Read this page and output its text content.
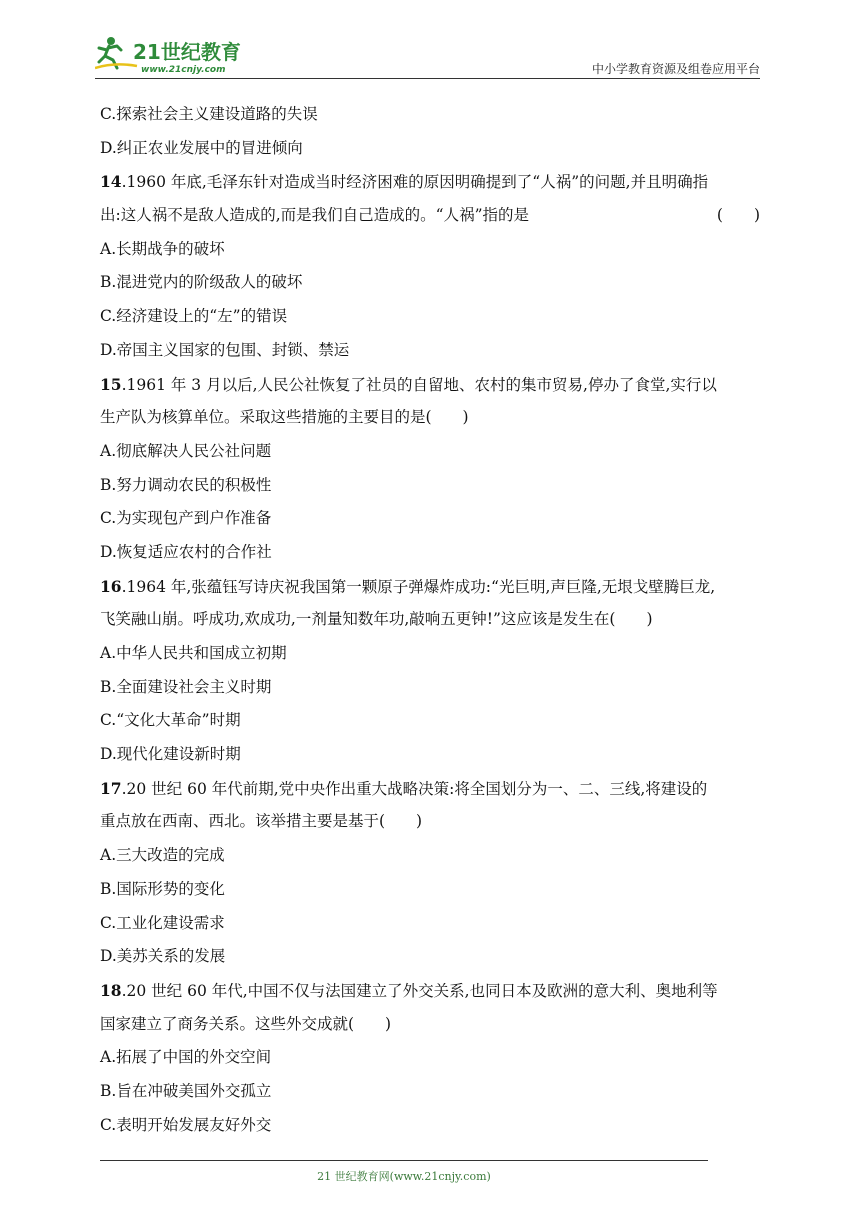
21世纪教育
www.21cnjy.com	中小学教育资源及组卷应用平台
C.探索社会主义建设道路的失误
D.纠正农业发展中的冒进倾向
14.1960 年底,毛泽东针对造成当时经济困难的原因明确提到了“人祸”的问题,并且明确指
出:这人祸不是敌人造成的,而是我们自己造成的。“人祸”指的是	(　　)
A.长期战争的破坏
B.混进党内的阶级敌人的破坏
C.经济建设上的“左”的错误
D.帝国主义国家的包围、封锁、禁运
15.1961 年 3 月以后,人民公社恢复了社员的自留地、农村的集市贸易,停办了食堂,实行以
生产队为核算单位。采取这些措施的主要目的是(　　)
A.彻底解决人民公社问题
B.努力调动农民的积极性
C.为实现包产到户作准备
D.恢复适应农村的合作社
16.1964 年,张蕴钰写诗庆祝我国第一颗原子弹爆炸成功:“光巨明,声巨隆,无垠戈壁腾巨龙,
飞笑融山崩。呼成功,欢成功,一剂量知数年功,敲响五更钟!”这应该是发生在(　　)
A.中华人民共和国成立初期
B.全面建设社会主义时期
C.“文化大革命”时期
D.现代化建设新时期
17.20 世纪 60 年代前期,党中央作出重大战略决策:将全国划分为一、二、三线,将建设的
重点放在西南、西北。该举措主要是基于(　　)
A.三大改造的完成
B.国际形势的变化
C.工业化建设需求
D.美苏关系的发展
18.20 世纪 60 年代,中国不仅与法国建立了外交关系,也同日本及欧洲的意大利、奥地利等
国家建立了商务关系。这些外交成就(　　)
A.拓展了中国的外交空间
B.旨在冲破美国外交孤立
C.表明开始发展友好外交
21 世纪教育网(www.21cnjy.com)
